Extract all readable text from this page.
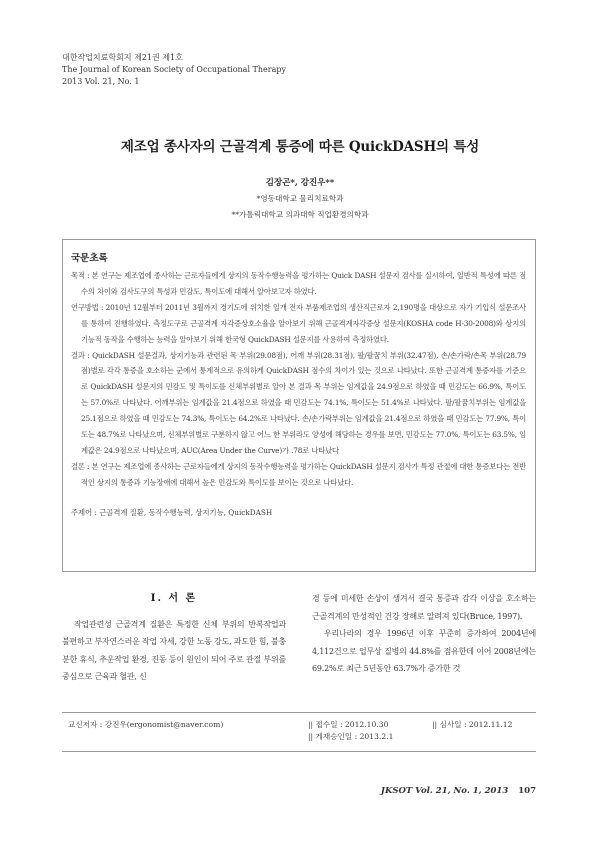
대한작업치료학회지 제21권 제1호
The Journal of Korean Society of Occupational Therapy
2013 Vol. 21, No. 1
제조업 종사자의 근골격계 통증에 따른 QuickDASH의 특성
김장곤*, 강진우**
*영동대학교 물리치료학과
**가톨릭대학교 의과대학 직업환경의학과
국문초록

목적 : 본 연구는 제조업에 종사하는 근로자들에게 상지의 동작수행능력을 평가하는 Quick DASH 설문지 검사를 실시하여, 일반적 특성에 따른 점수의 차이와 검사도구의 특성과 민감도, 특이도에 대해서 알아보고자 하였다.

연구방법 : 2010년 12월부터 2011년 3월까지 경기도에 위치한 일개 전자 부품제조업의 생산직근로자 2,190명을 대상으로 자가 기입식 설문조사를 통하여 진행하였다. 측정도구로 근골격계 자각증상호소율을 알아보기 위해 근골격계자각증상 설문지(KOSHA code H-30-2008)와 상지의 기능적 동작을 수행하는 능력을 알아보기 위해 한국형 QuickDASH 설문지를 사용하여 측정하였다.

결과 : QuickDASH 설문결과, 상지기능과 관련된 목 부위(29.08점), 어깨 부위(28.31점), 팔/팔꿈치 부위(32.47점), 손/손가락/손목 부위(28.79점)별로 각각 통증을 호소하는 군에서 통계적으로 유의하게 QuickDASH 점수의 차이가 있는 것으로 나타났다. 또한 근골격계 통증자를 기준으로 QuickDASH 설문지의 민감도 및 특이도를 신체부위별로 알아 본 결과 목 부위는 임계값을 24.9점으로 하였을 때 민감도는 66.9%, 특이도는 57.0%로 나타났다. 어깨부위는 임계값을 21.4점으로 하였을 때 민감도는 74.1%, 특이도는 51.4%로 나타났다. 팔/팔꿈치부위는 임계값을 25.1점으로 하였을 때 민감도는 74.3%, 특이도는 64.2%로 나타났다. 손/손가락부위는 임계값을 21.4점으로 하였을 때 민감도는 77.9%, 특이도는 48.7%로 나타났으며, 신체부위별로 구분하지 않고 어느 한 부위라도 양성에 해당하는 경우를 보면, 민감도는 77.0%, 특이도는 63.5%, 임계값은 24.9점으로 나타났으며, AUC(Area Under the Curve)가 .78로 나타났다

결론 : 본 연구는 제조업에 종사하는 근로자들에게 상지의 동작수행능력을 평가하는 QuickDASH 설문지 검사가 특정 관절에 대한 통증보다는 전반적인 상지의 통증과 기능장애에 대해서 높은 민감도와 특이도를 보이는 것으로 나타났다.

주제어 : 근골격계 질환, 동작수행능력, 상지기능, QuickDASH
Ⅰ. 서 론

작업관련성 근골격계 질환은 특정한 신체 부위의 반복작업과 불편하고 부자연스러운 작업 자세, 강한 노동 강도, 과도한 힘, 불충분한 휴식, 추운작업 환경, 진동 등이 원인이 되어 주로 관절 부위를 중심으로 근육과 혈관, 신

경 등에 미세한 손상이 생겨서 결국 통증과 감각 이상을 호소하는 근골격계의 만성적인 건강 장해로 알려져 있다(Bruce, 1997).

우리나라의 경우 1996년 이후 꾸준히 증가하여 2004년에 4,112건으로 업무상 질병의 44.8%를 점유한데 이어 2008년에는 69.2%로 최근 5년동안 63.7%가 증가한 것

교신저자 : 강진우(ergonomist@naver.com)	|| 접수일 : 2012.10.30
|| 게재승인일 : 2013.2.1
|| 심사일 : 2012.11.12
JKSOT Vol. 21, No. 1, 2013 107
